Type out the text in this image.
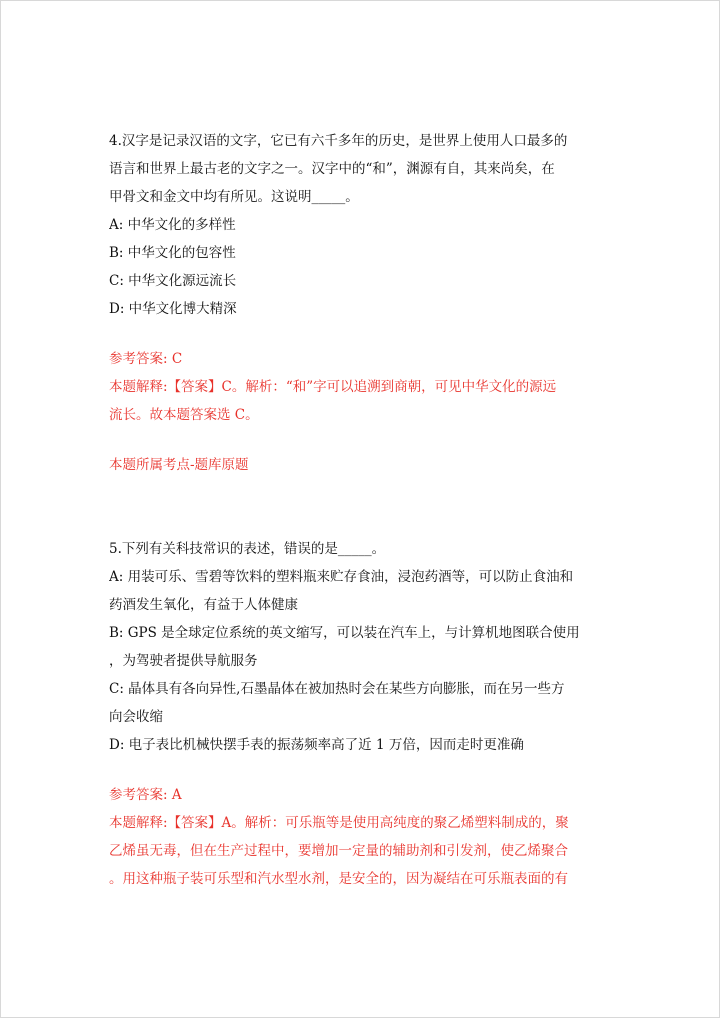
4.汉字是记录汉语的文字，它已有六千多年的历史，是世界上使用人口最多的
语言和世界上最古老的文字之一。汉字中的“和”，渊源有自，其来尚矣，在
甲骨文和金文中均有所见。这说明_____。
A: 中华文化的多样性
B: 中华文化的包容性
C: 中华文化源远流长
D: 中华文化博大精深
参考答案: C
本题解释:【答案】C。解析：“和”字可以追溯到商朝，可见中华文化的源远
流长。故本题答案选 C。
本题所属考点-题库原题
5.下列有关科技常识的表述，错误的是_____。
A: 用装可乐、雪碧等饮料的塑料瓶来贮存食油，浸泡药酒等，可以防止食油和
药酒发生氧化，有益于人体健康
B: GPS 是全球定位系统的英文缩写，可以装在汽车上，与计算机地图联合使用
，为驾驶者提供导航服务
C: 晶体具有各向异性,石墨晶体在被加热时会在某些方向膨胀，而在另一些方
向会收缩
D: 电子表比机械快摆手表的振荡频率高了近 1 万倍，因而走时更准确
参考答案: A
本题解释:【答案】A。解析：可乐瓶等是使用高纯度的聚乙烯塑料制成的，聚
乙烯虽无毒，但在生产过程中，要增加一定量的辅助剂和引发剂，使乙烯聚合
。用这种瓶子装可乐型和汽水型水剂，是安全的，因为凝结在可乐瓶表面的有
